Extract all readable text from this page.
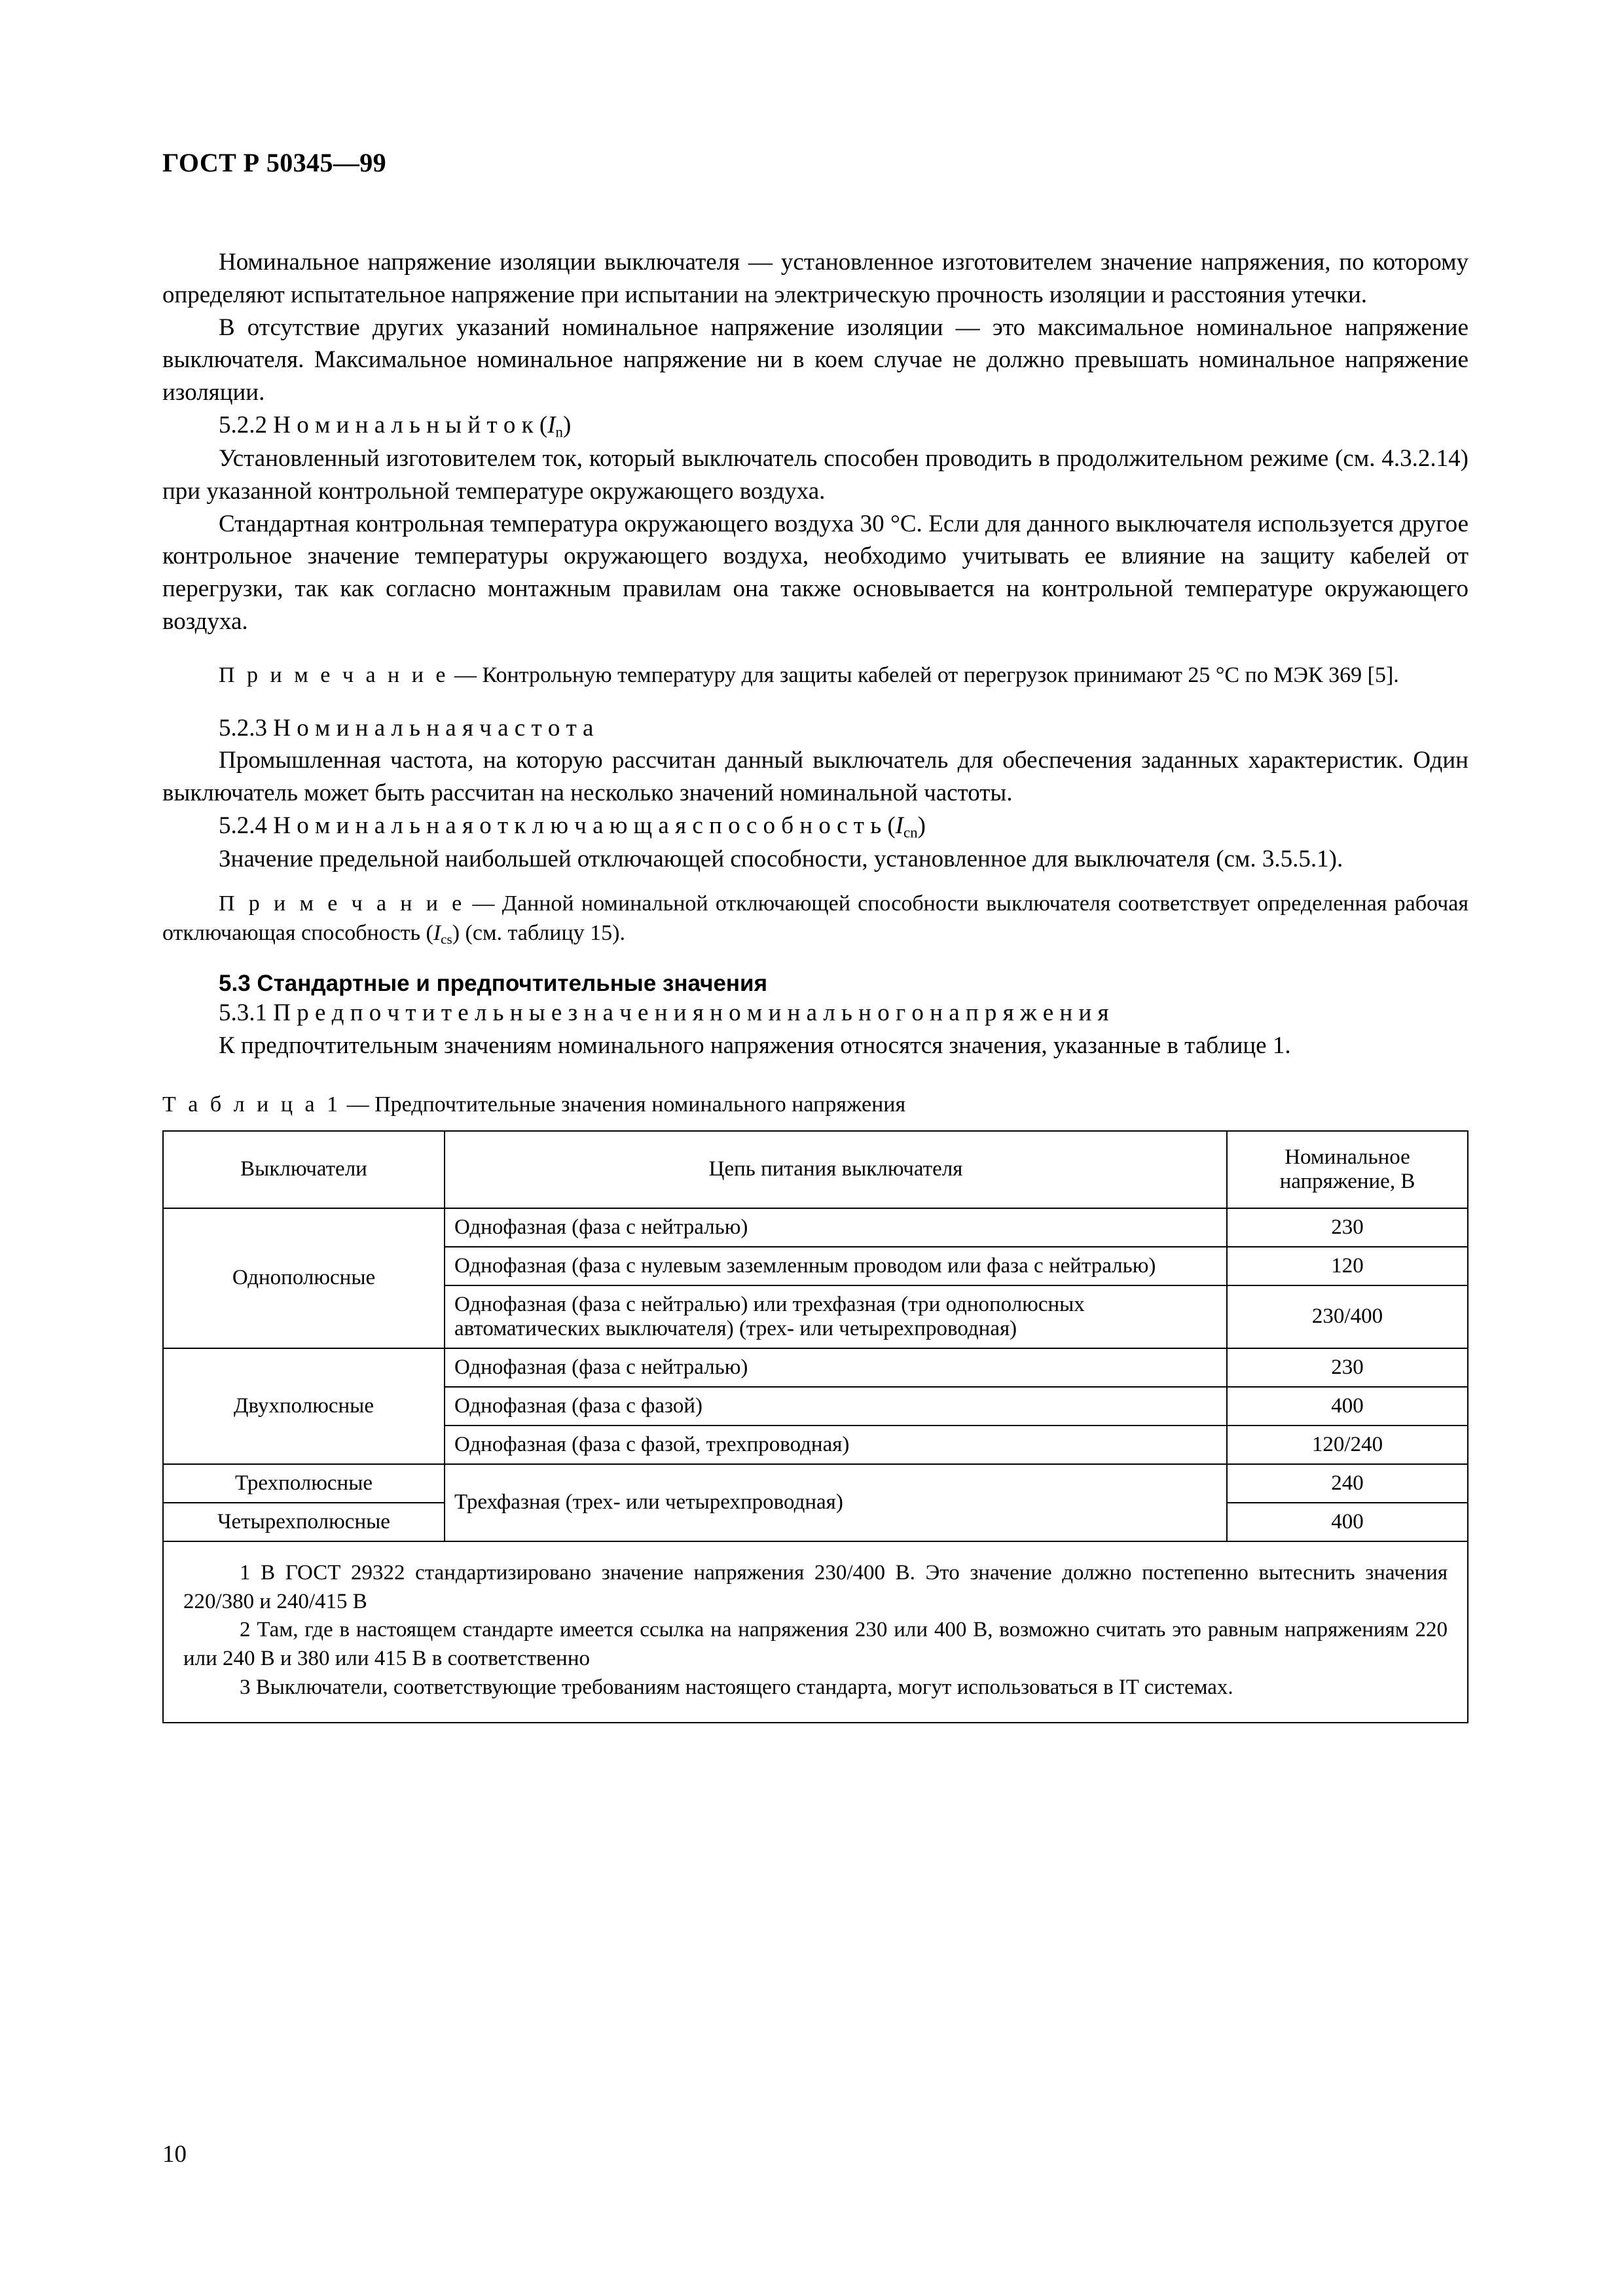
ГОСТ Р 50345—99

Номинальное напряжение изоляции выключателя — установленное изготовителем значение напряжения, по которому определяют испытательное напряжение при испытании на электрическую прочность изоляции и расстояния утечки.

В отсутствие других указаний номинальное напряжение изоляции — это максимальное номинальное напряжение выключателя. Максимальное номинальное напряжение ни в коем случае не должно превышать номинальное напряжение изоляции.

5.2.2 Н о м и н а л ь н ы й т о к $(I_n)$

Установленный изготовителем ток, который выключатель способен проводить в продолжительном режиме (см. 4.3.2.14) при указанной контрольной температуре окружающего воздуха.

Стандартная контрольная температура окружающего воздуха 30 °С. Если для данного выключателя используется другое контрольное значение температуры окружающего воздуха, необходимо учитывать ее влияние на защиту кабелей от перегрузки, так как согласно монтажным правилам она также основывается на контрольной температуре окружающего воздуха.

П р и м е ч а н и е — Контрольную температуру для защиты кабелей от перегрузок принимают 25 °С по МЭК 369 [5].

5.2.3 Н о м и н а л ь н а я ч а с т о т а

Промышленная частота, на которую рассчитан данный выключатель для обеспечения заданных характеристик. Один выключатель может быть рассчитан на несколько значений номинальной частоты.

5.2.4 Н о м и н а л ь н а я о т к л ю ч а ю щ а я с п о с о б н о с т ь $(I_{cn})$

Значение предельной наибольшей отключающей способности, установленное для выключателя (см. 3.5.5.1).

П р и м е ч а н и е — Данной номинальной отключающей способности выключателя соответствует определенная рабочая отключающая способность $(I_{cs})$ (см. таблицу 15).

5.3 Стандартные и предпочтительные значения

5.3.1 П р е д п о ч т и т е л ь н ы е з н а ч е н и я н о м и н а л ь н о г о н а п р я ж е н и я

К предпочтительным значениям номинального напряжения относятся значения, указанные в таблице 1.

Т а б л и ц а 1 — Предпочтительные значения номинального напряжения

Выключатели	Цепь питания выключателя	Номинальное напряжение, В
Однополюсные	Однофазная (фаза с нейтралью)	230
	Однофазная (фаза с нулевым заземленным проводом или фаза с нейтралью)	120
	Однофазная (фаза с нейтралью) или трехфазная (три однополюсных автоматических выключателя) (трех- или четырехпроводная)	230/400
Двухполюсные	Однофазная (фаза с нейтралью)	230
	Однофазная (фаза с фазой)	400
	Однофазная (фаза с фазой, трехпроводная)	120/240
Трехполюсные	Трехфазная (трех- или четырехпроводная)	240
Четырехполюсные		400

1 В ГОСТ 29322 стандартизировано значение напряжения 230/400 В. Это значение должно постепенно вытеснить значения 220/380 и 240/415 В

2 Там, где в настоящем стандарте имеется ссылка на напряжения 230 или 400 В, возможно считать это равным напряжениям 220 или 240 В и 380 или 415 В в соответственно

3 Выключатели, соответствующие требованиям настоящего стандарта, могут использоваться в IT системах.

10
